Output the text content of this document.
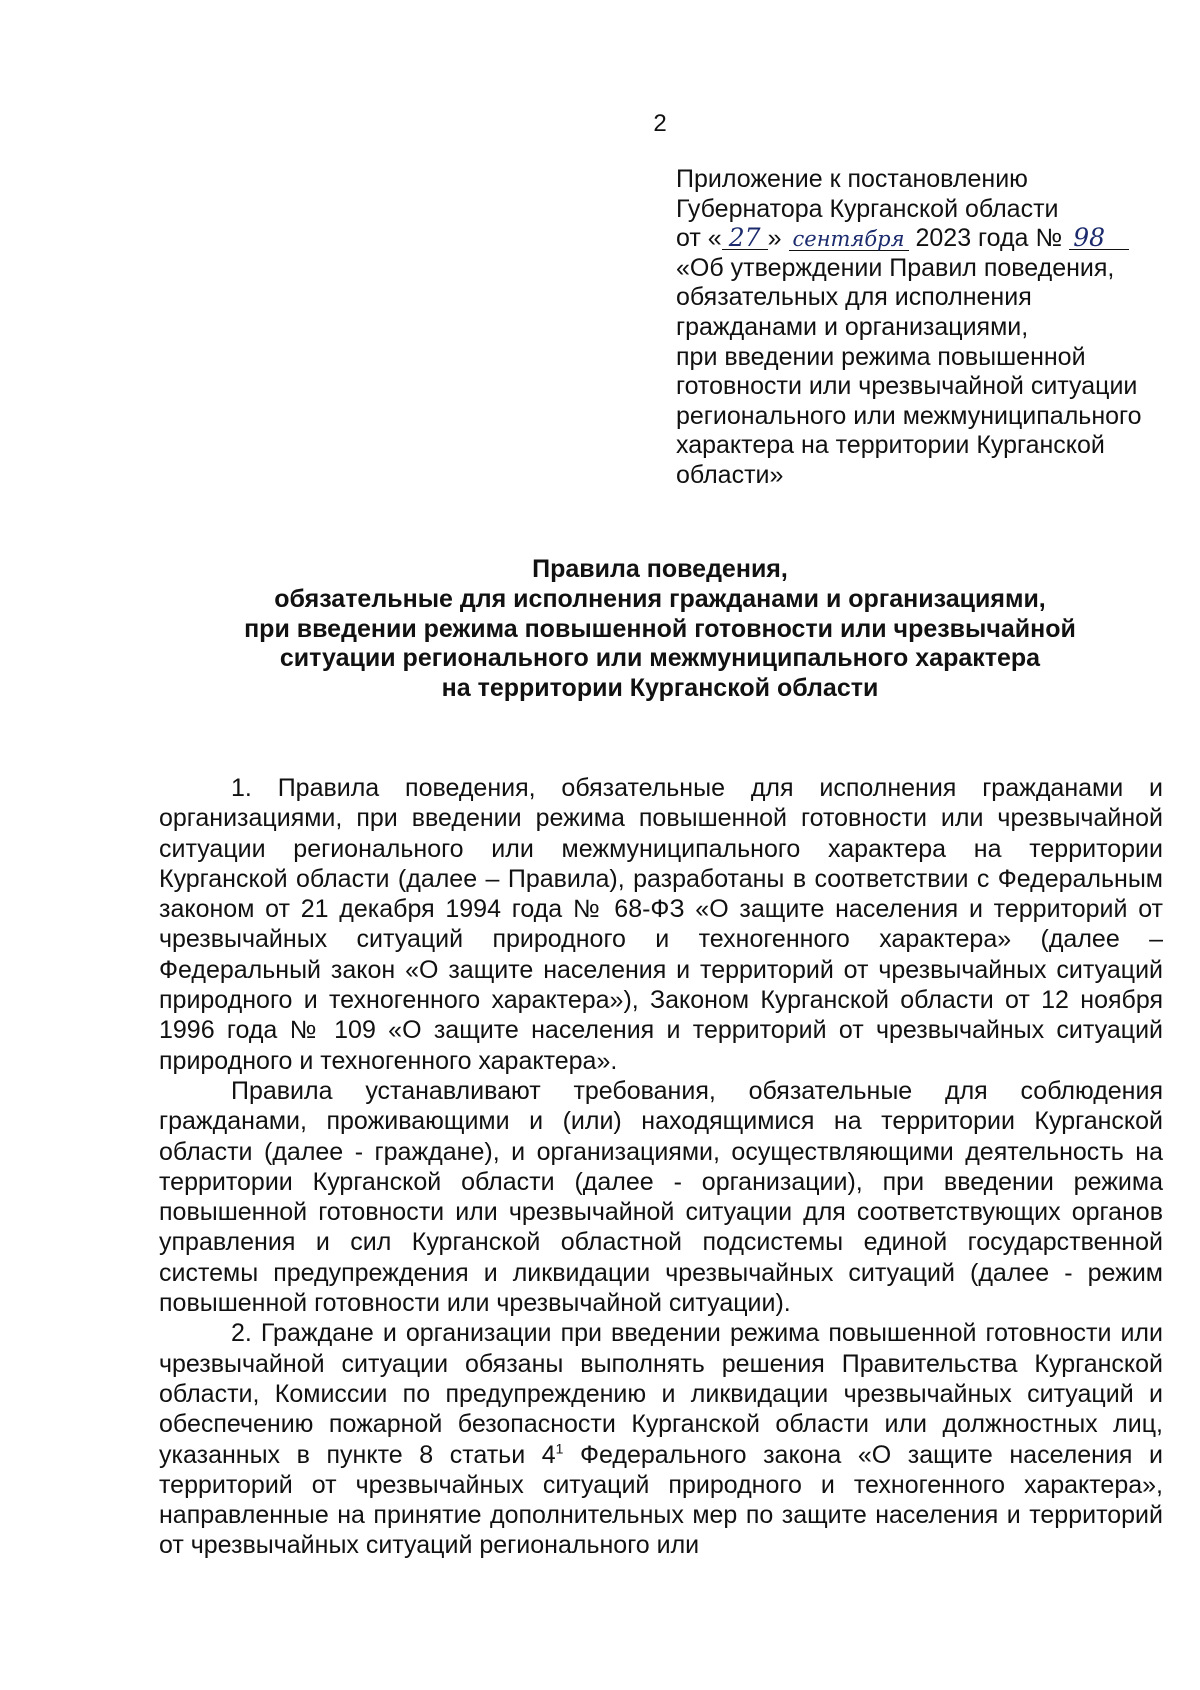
2
Приложение к постановлению
Губернатора Курганской области
от « 27 » сентября 2023 года № 98
«Об утверждении Правил поведения,
обязательных для исполнения
гражданами и организациями,
при введении режима повышенной
готовности или чрезвычайной ситуации
регионального или межмуниципального
характера на территории Курганской
области»
Правила поведения,
обязательные для исполнения гражданами и организациями,
при введении режима повышенной готовности или чрезвычайной
ситуации регионального или межмуниципального характера
на территории Курганской области

1. Правила поведения, обязательные для исполнения гражданами и организациями, при введении режима повышенной готовности или чрезвычайной ситуации регионального или межмуниципального характера на территории Курганской области (далее – Правила), разработаны в соответствии с Федеральным законом от 21 декабря 1994 года № 68-ФЗ «О защите населения и территорий от чрезвычайных ситуаций природного и техногенного характера» (далее – Федеральный закон «О защите населения и территорий от чрезвычайных ситуаций природного и техногенного характера»), Законом Курганской области от 12 ноября 1996 года № 109 «О защите населения и территорий от чрезвычайных ситуаций природного и техногенного характера».

Правила устанавливают требования, обязательные для соблюдения гражданами, проживающими и (или) находящимися на территории Курганской области (далее - граждане), и организациями, осуществляющими деятельность на территории Курганской области (далее - организации), при введении режима повышенной готовности или чрезвычайной ситуации для соответствующих органов управления и сил Курганской областной подсистемы единой государственной системы предупреждения и ликвидации чрезвычайных ситуаций (далее - режим повышенной готовности или чрезвычайной ситуации).

2. Граждане и организации при введении режима повышенной готовности или чрезвычайной ситуации обязаны выполнять решения Правительства Курганской области, Комиссии по предупреждению и ликвидации чрезвычайных ситуаций и обеспечению пожарной безопасности Курганской области или должностных лиц, указанных в пункте 8 статьи $4^1$ Федерального закона «О защите населения и территорий от чрезвычайных ситуаций природного и техногенного характера», направленные на принятие дополнительных мер по защите населения и территорий от чрезвычайных ситуаций регионального или
